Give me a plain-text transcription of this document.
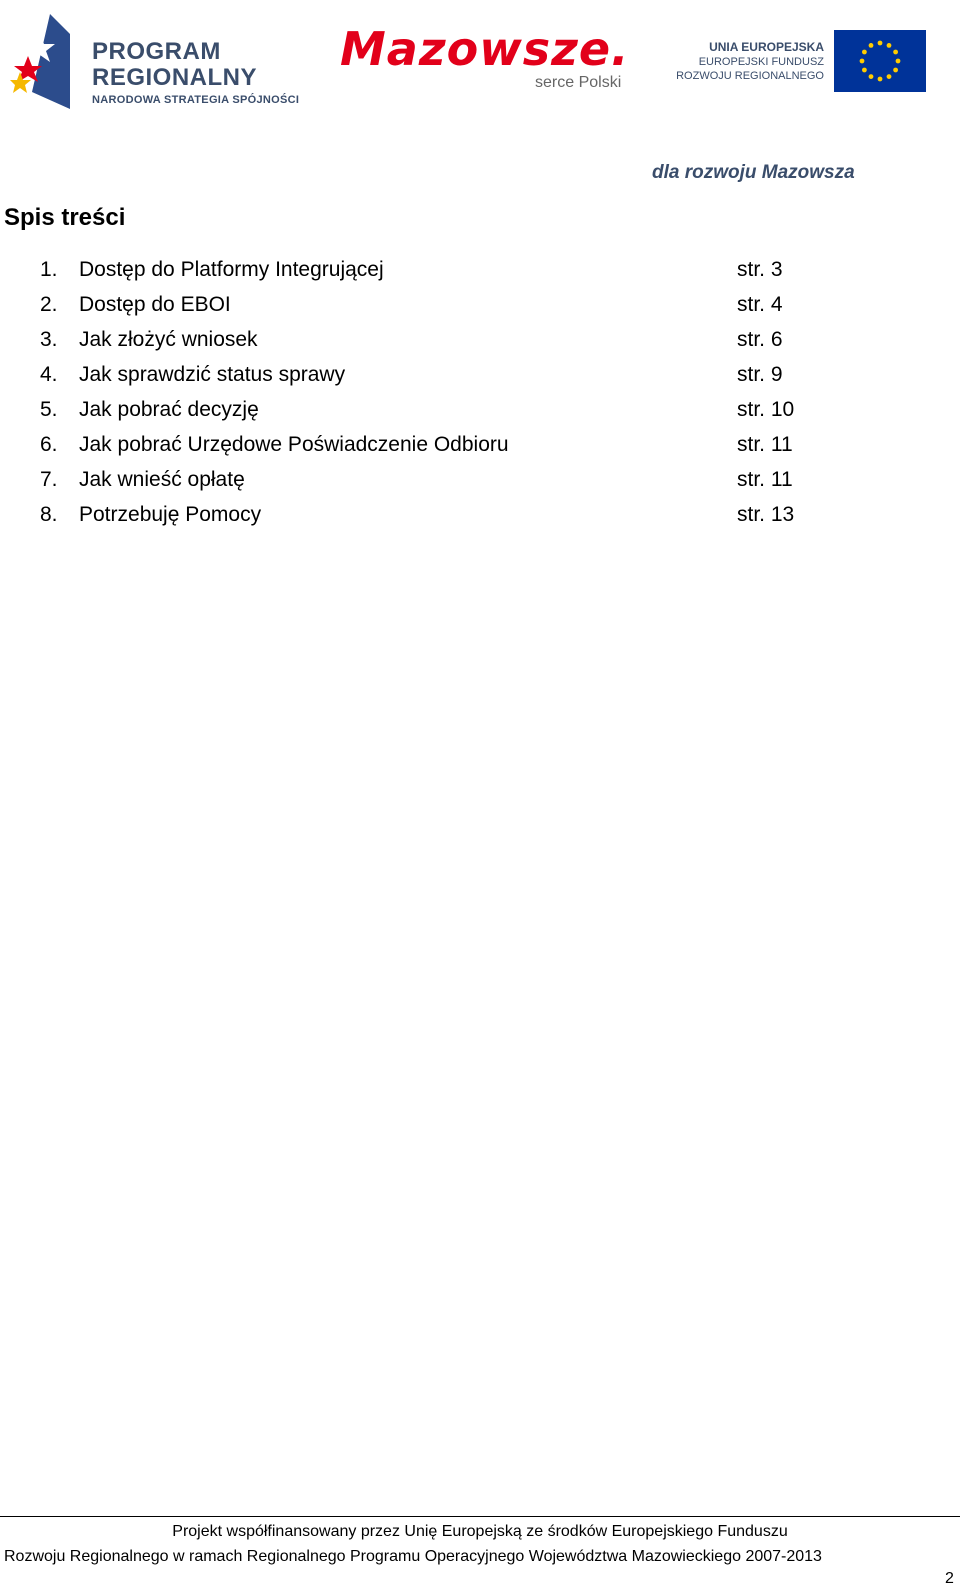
PROGRAM
REGIONALNY
NARODOWA STRATEGIA SPÓJNOŚCI
Mazowsze.
serce Polski
UNIA EUROPEJSKA
EUROPEJSKI FUNDUSZ
ROZWOJU REGIONALNEGO
dla rozwoju Mazowsza
Spis treści
1.	Dostęp do Platformy Integrującej	str. 3
2.	Dostęp do EBOI	str. 4
3.	Jak złożyć wniosek	str. 6
4.	Jak sprawdzić status sprawy	str. 9
5.	Jak pobrać decyzję	str. 10
6.	Jak pobrać Urzędowe Poświadczenie Odbioru	str. 11
7.	Jak wnieść opłatę	str. 11
8.	Potrzebuję Pomocy	str. 13
Projekt współfinansowany przez Unię Europejską ze środków Europejskiego Funduszu
Rozwoju Regionalnego w ramach Regionalnego Programu Operacyjnego Województwa Mazowieckiego 2007-2013
2
